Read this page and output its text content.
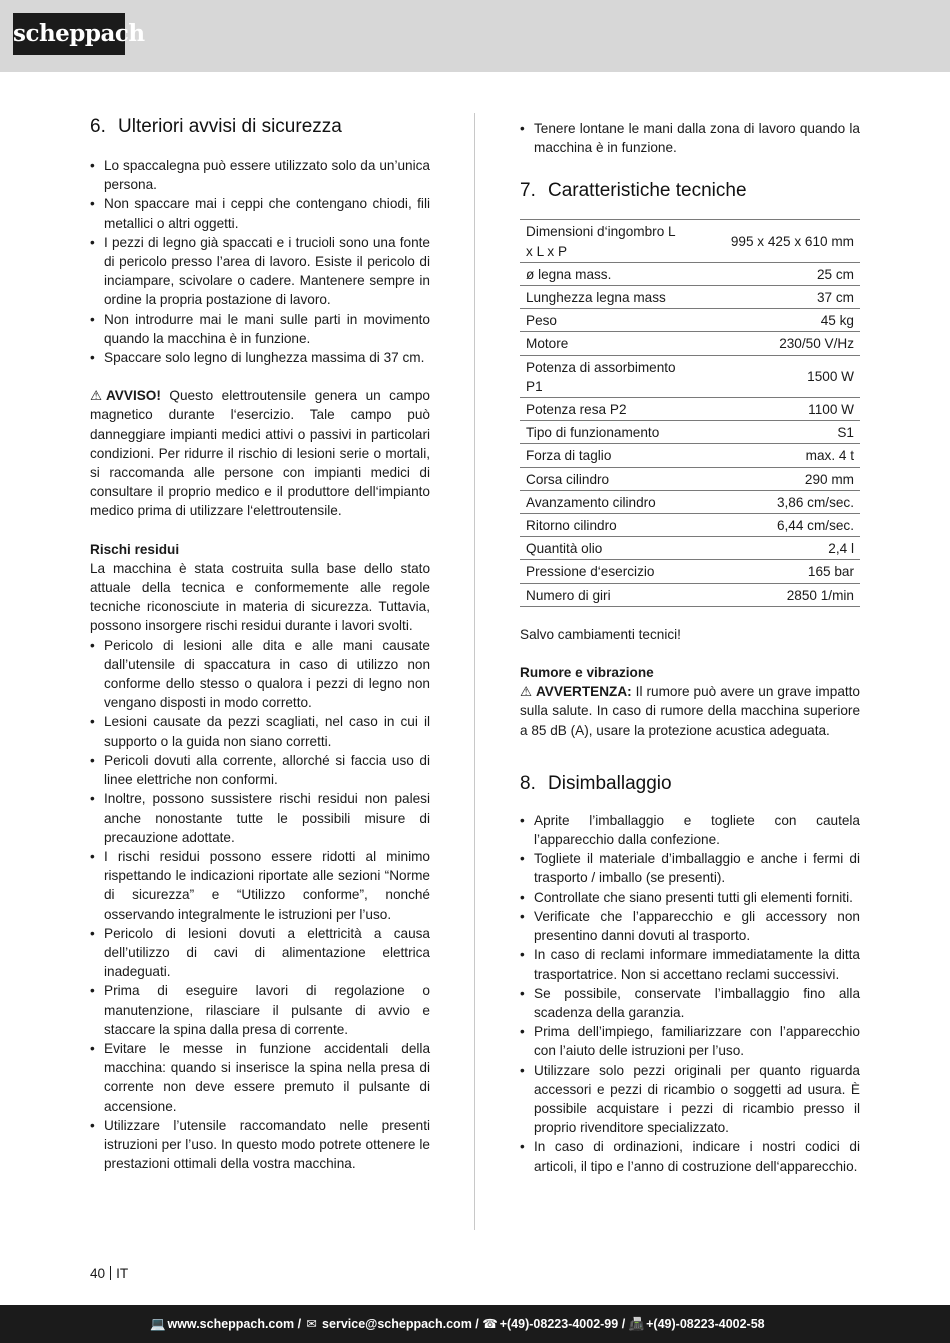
scheppach
6. Ulteriori avvisi di sicurezza
• Lo spaccalegna può essere utilizzato solo da un’unica persona.
• Non spaccare mai i ceppi che contengano chiodi, fili metallici o altri oggetti.
• I pezzi di legno già spaccati e i trucioli sono una fonte di pericolo presso l’area di lavoro. Esiste il pericolo di inciampare, scivolare o cadere. Mantenere sempre in ordine la propria postazione di lavoro.
• Non introdurre mai le mani sulle parti in movimento quando la macchina è in funzione.
• Spaccare solo legno di lunghezza massima di 37 cm.

⚠ AVVISO! Questo elettroutensile genera un campo magnetico durante l‘esercizio. Tale campo può danneggiare impianti medici attivi o passivi in particolari condizioni. Per ridurre il rischio di lesioni serie o mortali, si raccomanda alle persone con impianti medici di consultare il proprio medico e il produttore dell‘impianto medico prima di utilizzare l‘elettroutensile.

Rischi residui

La macchina è stata costruita sulla base dello stato attuale della tecnica e conformemente alle regole tecniche riconosciute in materia di sicurezza. Tuttavia, possono insorgere rischi residui durante i lavori svolti.

• Pericolo di lesioni alle dita e alle mani causate dall’utensile di spaccatura in caso di utilizzo non conforme dello stesso o qualora i pezzi di legno non vengano disposti in modo corretto.
• Lesioni causate da pezzi scagliati, nel caso in cui il supporto o la guida non siano corretti.
• Pericoli dovuti alla corrente, allorché si faccia uso di linee elettriche non conformi.
• Inoltre, possono sussistere rischi residui non palesi anche nonostante tutte le possibili misure di precauzione adottate.
• I rischi residui possono essere ridotti al minimo rispettando le indicazioni riportate alle sezioni “Norme di sicurezza” e “Utilizzo conforme”, nonché osservando integralmente le istruzioni per l’uso.
• Pericolo di lesioni dovuti a elettricità a causa dell’utilizzo di cavi di alimentazione elettrica inadeguati.
• Prima di eseguire lavori di regolazione o manutenzione, rilasciare il pulsante di avvio e staccare la spina dalla presa di corrente.
• Evitare le messe in funzione accidentali della macchina: quando si inserisce la spina nella presa di corrente non deve essere premuto il pulsante di accensione.
• Utilizzare l’utensile raccomandato nelle presenti istruzioni per l’uso. In questo modo potrete ottenere le prestazioni ottimali della vostra macchina.
• Tenere lontane le mani dalla zona di lavoro quando la macchina è in funzione.
7. Caratteristiche tecniche
Dimensioni d‘ingombro L x L x P	995 x 425 x 610 mm
ø legna mass.	25 cm
Lunghezza legna mass	37 cm
Peso	45 kg
Motore	230/50 V/Hz
Potenza di assorbimento P1	1500 W
Potenza resa P2	1100 W
Tipo di funzionamento	S1
Forza di taglio	max. 4 t
Corsa cilindro	290 mm
Avanzamento cilindro	3,86 cm/sec.
Ritorno cilindro	6,44 cm/sec.
Quantità olio	2,4 l
Pressione d‘esercizio	165 bar
Numero di giri	2850 1/min

Salvo cambiamenti tecnici!

Rumore e vibrazione

⚠ AVVERTENZA: Il rumore può avere un grave impatto sulla salute. In caso di rumore della macchina superiore a 85 dB (A), usare la protezione acustica adeguata.

8. Disimballaggio
• Aprite l’imballaggio e togliete con cautela l’apparecchio dalla confezione.
• Togliete il materiale d’imballaggio e anche i fermi di trasporto / imballo (se presenti).
• Controllate che siano presenti tutti gli elementi forniti.
• Verificate che l’apparecchio e gli accessory non presentino danni dovuti al trasporto.
• In caso di reclami informare immediatamente la ditta trasportatrice. Non si accettano reclami successivi.
• Se possibile, conservate l’imballaggio fino alla scadenza della garanzia.
• Prima dell’impiego, familiarizzare con l’apparecchio con l’aiuto delle istruzioni per l’uso.
• Utilizzare solo pezzi originali per quanto riguarda accessori e pezzi di ricambio o soggetti ad usura. È possibile acquistare i pezzi di ricambio presso il proprio rivenditore specializzato.
• In caso di ordinazioni, indicare i nostri codici di articoli, il tipo e l’anno di costruzione dell‘apparecchio.
40 IT
💻 www.scheppach.com / ✉ service@scheppach.com / ☎ +(49)-08223-4002-99 / 📠 +(49)-08223-4002-58
